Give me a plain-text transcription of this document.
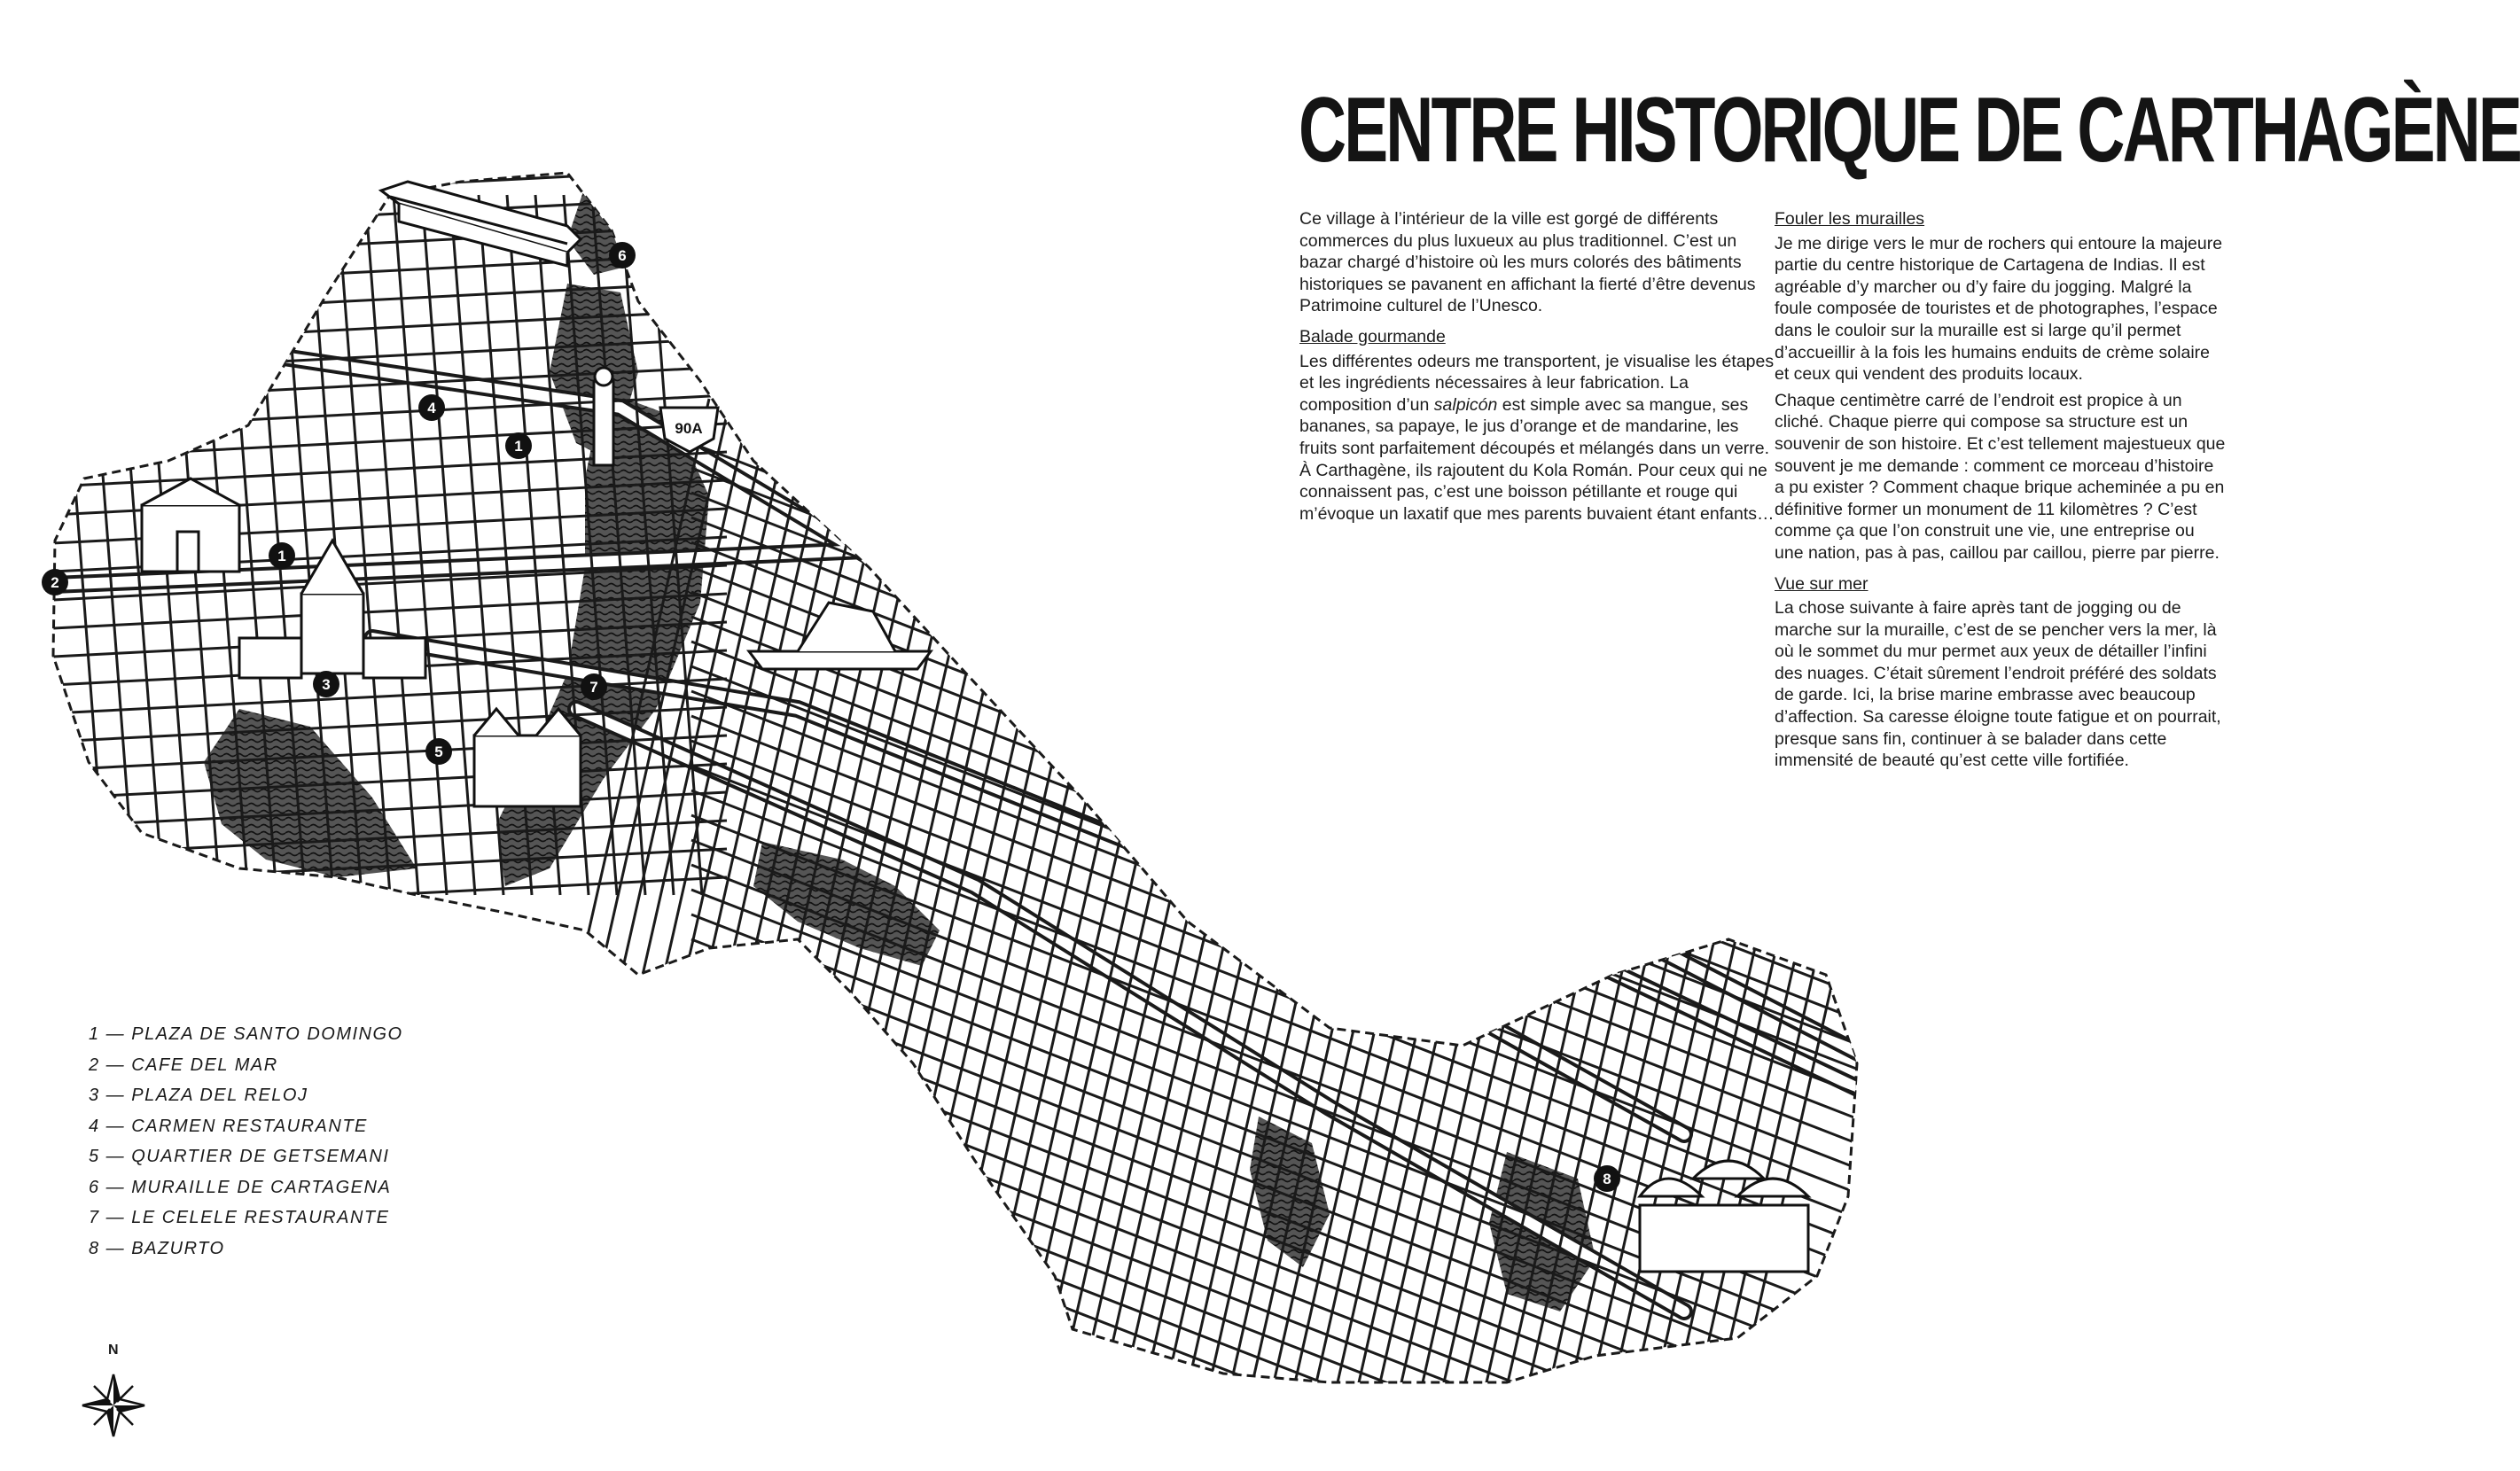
90A
1
1
2
3
4
5
6
7
8
N
CENTRE HISTORIQUE DE CARTHAGÈNE

Ce village à l’intérieur de la ville est gorgé de différents commerces du plus luxueux au plus traditionnel. C’est un bazar chargé d’histoire où les murs colorés des bâtiments historiques se pavanent en affichant la fierté d’être devenus Patrimoine culturel de l’Unesco.

Balade gourmande

Les différentes odeurs me transportent, je visualise les étapes et les ingrédients nécessaires à leur fabrication. La composition d’un salpicón est simple avec sa mangue, ses bananes, sa papaye, le jus d’orange et de mandarine, les fruits sont parfaitement découpés et mélangés dans un verre. À Carthagène, ils rajoutent du Kola Román. Pour ceux qui ne connaissent pas, c’est une boisson pétillante et rouge qui m’évoque un laxatif que mes parents buvaient étant enfants…

Fouler les murailles

Je me dirige vers le mur de rochers qui entoure la majeure partie du centre historique de Cartagena de Indias. Il est agréable d’y marcher ou d’y faire du jogging. Malgré la foule composée de touristes et de photographes, l’espace dans le couloir sur la muraille est si large qu’il permet d’accueillir à la fois les humains enduits de crème solaire et ceux qui vendent des produits locaux.

Chaque centimètre carré de l’endroit est propice à un cliché. Chaque pierre qui compose sa structure est un souvenir de son histoire. Et c’est tellement majestueux que souvent je me demande : comment ce morceau d’histoire a pu exister ? Comment chaque brique acheminée a pu en définitive former un monument de 11 kilomètres ? C’est comme ça que l’on construit une vie, une entreprise ou une nation, pas à pas, caillou par caillou, pierre par pierre.

Vue sur mer

La chose suivante à faire après tant de jogging ou de marche sur la muraille, c’est de se pencher vers la mer, là où le sommet du mur permet aux yeux de détailler l’infini des nuages. C’était sûrement l’endroit préféré des soldats de garde. Ici, la brise marine embrasse avec beaucoup d’affection. Sa caresse éloigne toute fatigue et on pourrait, presque sans fin, continuer à se balader dans cette immensité de beauté qu’est cette ville fortifiée.

1 — PLAZA DE SANTO DOMINGO
2 — CAFE DEL MAR
3 — PLAZA DEL RELOJ
4 — CARMEN RESTAURANTE
5 — QUARTIER DE GETSEMANI
6 — MURAILLE DE CARTAGENA
7 — LE CELELE RESTAURANTE
8 — BAZURTO
